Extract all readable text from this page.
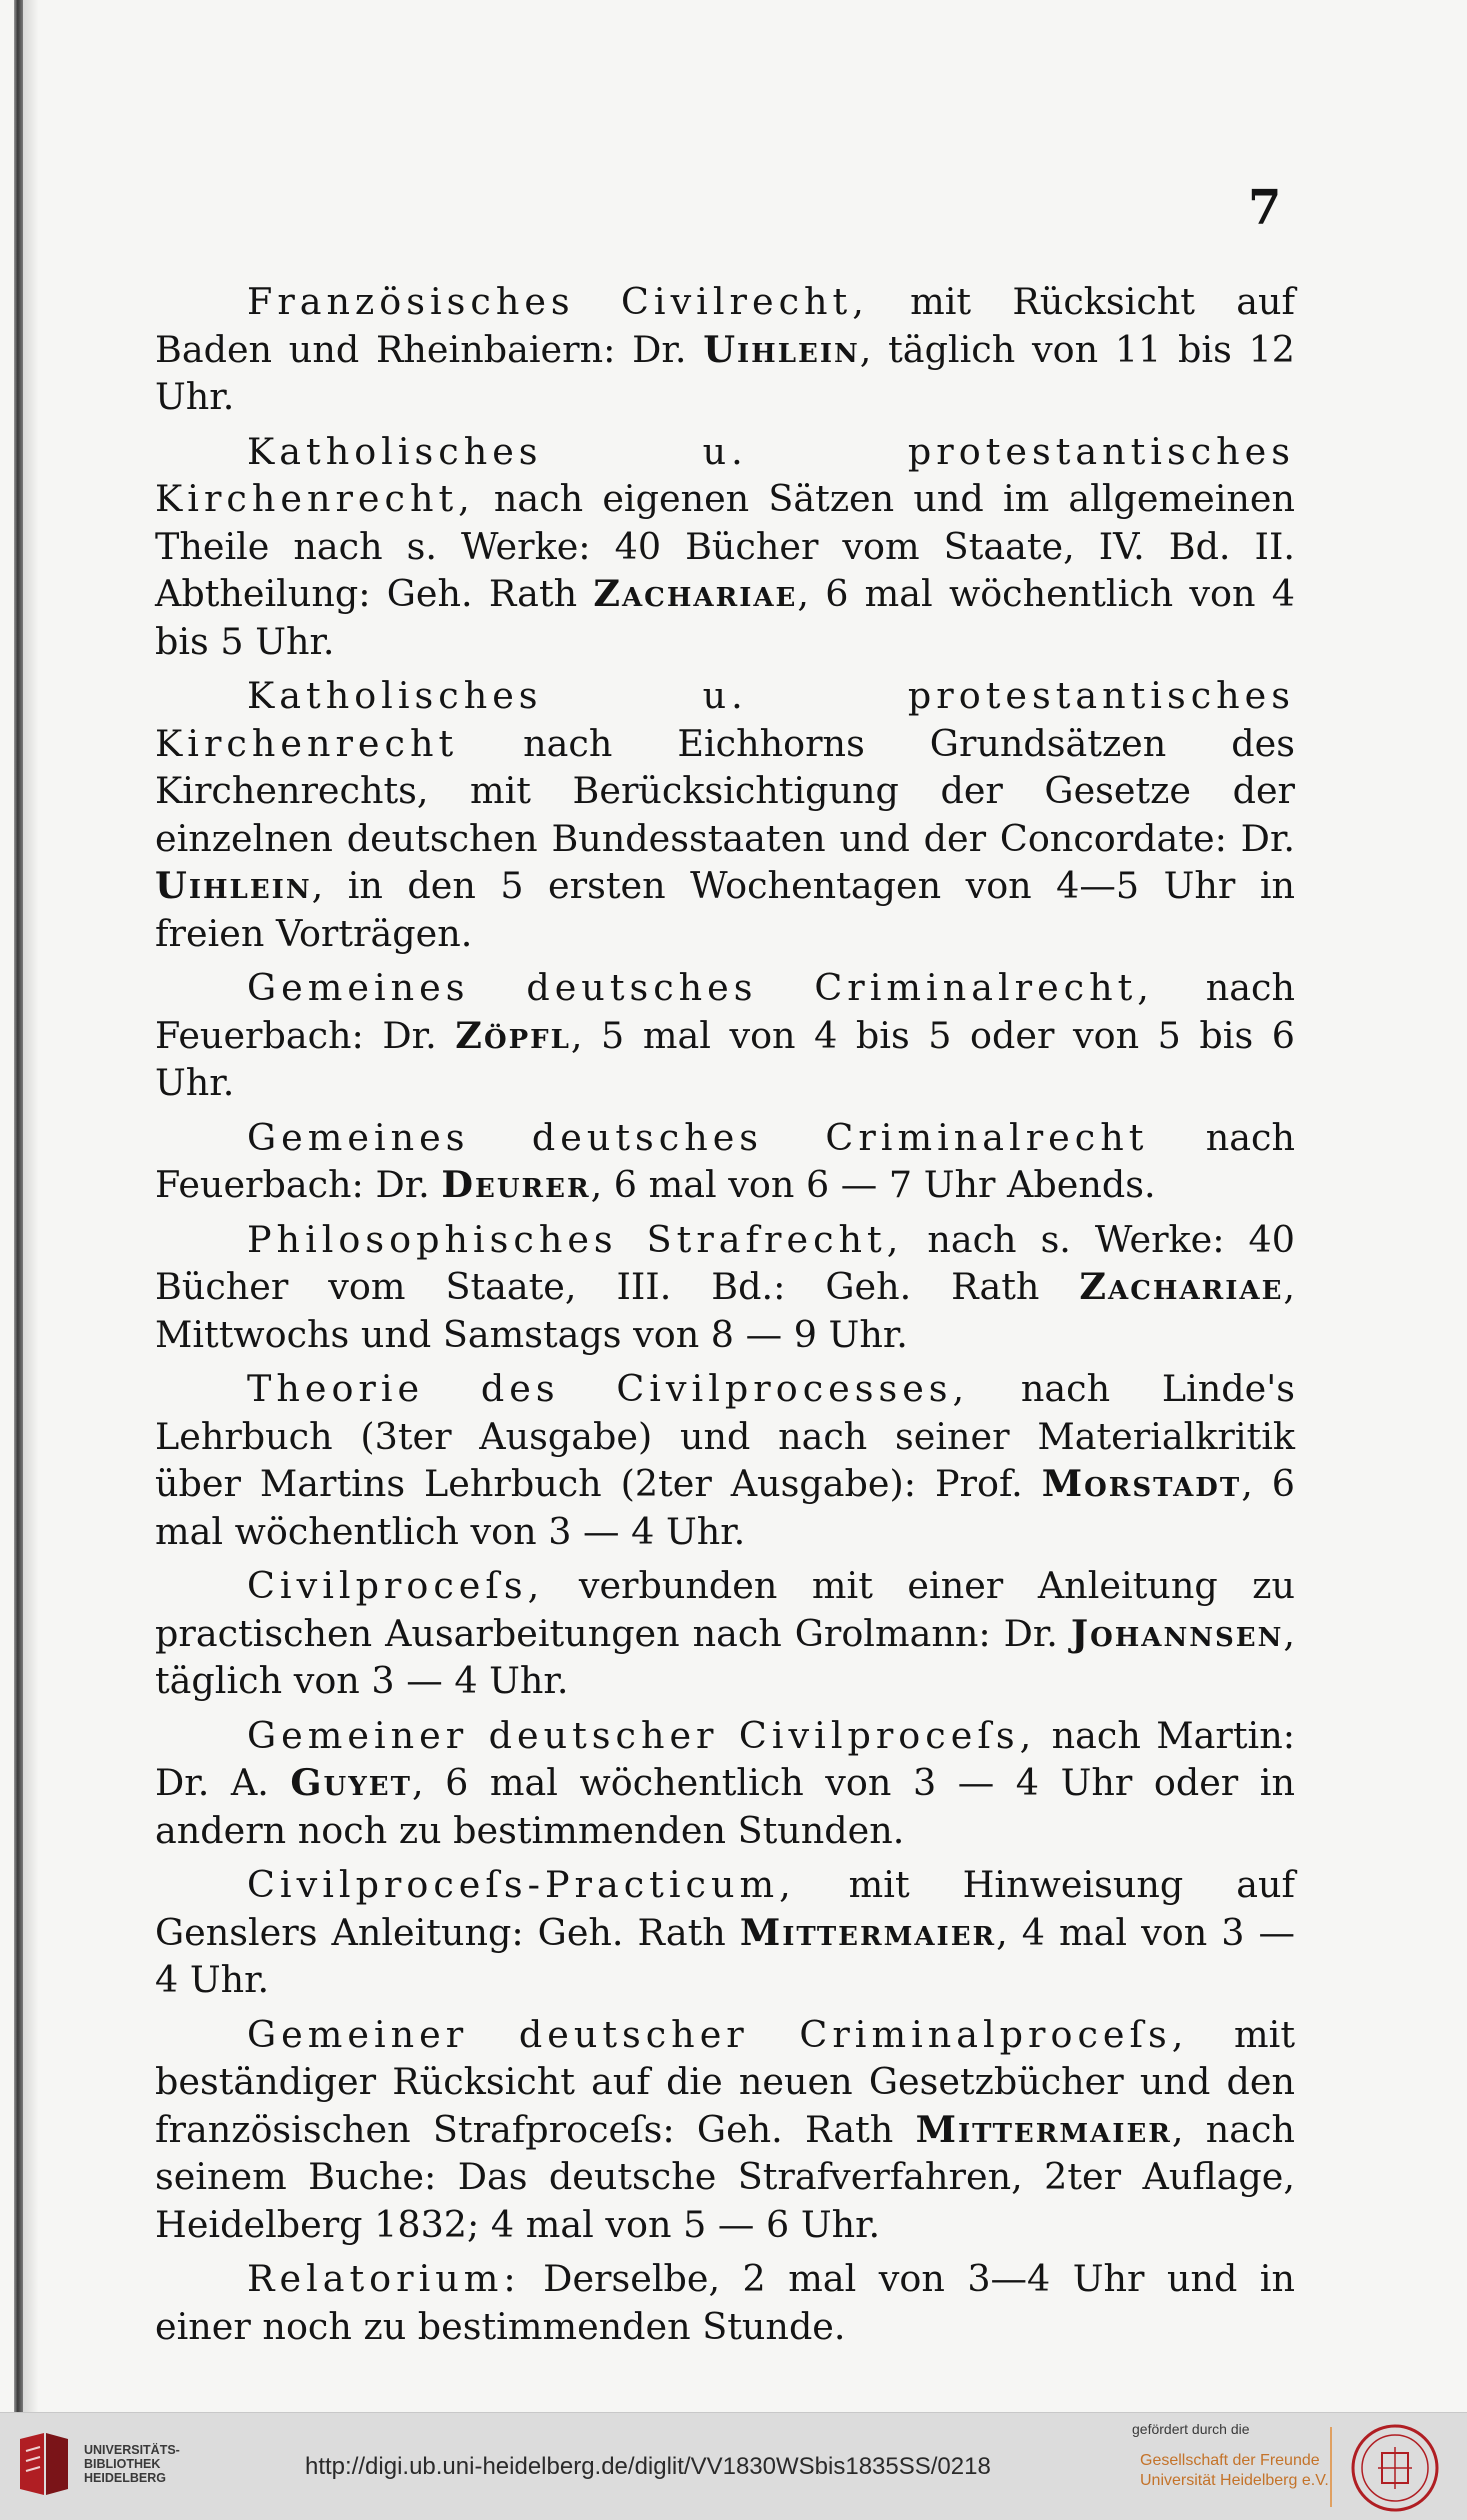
7

Französisches Civilrecht, mit Rücksicht auf Baden und Rheinbaiern: Dr. Uihlein, täglich von 11 bis 12 Uhr.

Katholisches u. protestantisches Kirchenrecht, nach eigenen Sätzen und im allgemeinen Theile nach s. Werke: 40 Bücher vom Staate, IV. Bd. II. Abtheilung: Geh. Rath Zachariae, 6 mal wöchentlich von 4 bis 5 Uhr.

Katholisches u. protestantisches Kirchenrecht nach Eichhorns Grundsätzen des Kirchenrechts, mit Berücksichtigung der Gesetze der einzelnen deutschen Bundesstaaten und der Concordate: Dr. Uihlein, in den 5 ersten Wochentagen von 4—5 Uhr in freien Vorträgen.

Gemeines deutsches Criminalrecht, nach Feuerbach: Dr. Zöpfl, 5 mal von 4 bis 5 oder von 5 bis 6 Uhr.

Gemeines deutsches Criminalrecht nach Feuerbach: Dr. Deurer, 6 mal von 6 — 7 Uhr Abends.

Philosophisches Strafrecht, nach s. Werke: 40 Bücher vom Staate, III. Bd.: Geh. Rath Zachariae, Mittwochs und Samstags von 8 — 9 Uhr.

Theorie des Civilprocesses, nach Linde's Lehrbuch (3ter Ausgabe) und nach seiner Materialkritik über Martins Lehrbuch (2ter Ausgabe): Prof. Morstadt, 6 mal wöchentlich von 3 — 4 Uhr.

Civilproceſs, verbunden mit einer Anleitung zu practischen Ausarbeitungen nach Grolmann: Dr. Johannsen, täglich von 3 — 4 Uhr.

Gemeiner deutscher Civilproceſs, nach Martin: Dr. A. Guyet, 6 mal wöchentlich von 3 — 4 Uhr oder in andern noch zu bestimmenden Stunden.

Civilproceſs-Practicum, mit Hinweisung auf Genslers Anleitung: Geh. Rath Mittermaier, 4 mal von 3 — 4 Uhr.

Gemeiner deutscher Criminalproceſs, mit beständiger Rücksicht auf die neuen Gesetzbücher und den französischen Strafproceſs: Geh. Rath Mittermaier, nach seinem Buche: Das deutsche Strafverfahren, 2ter Auflage, Heidelberg 1832; 4 mal von 5 — 6 Uhr.

Relatorium: Derselbe, 2 mal von 3—4 Uhr und in einer noch zu bestimmenden Stunde.

UNIVERSITÄTS-
BIBLIOTHEK
HEIDELBERG	http://digi.ub.uni-heidelberg.de/diglit/VV1830WSbis1835SS/0218
gefördert durch die
Gesellschaft der Freunde
Universität Heidelberg e.V.
